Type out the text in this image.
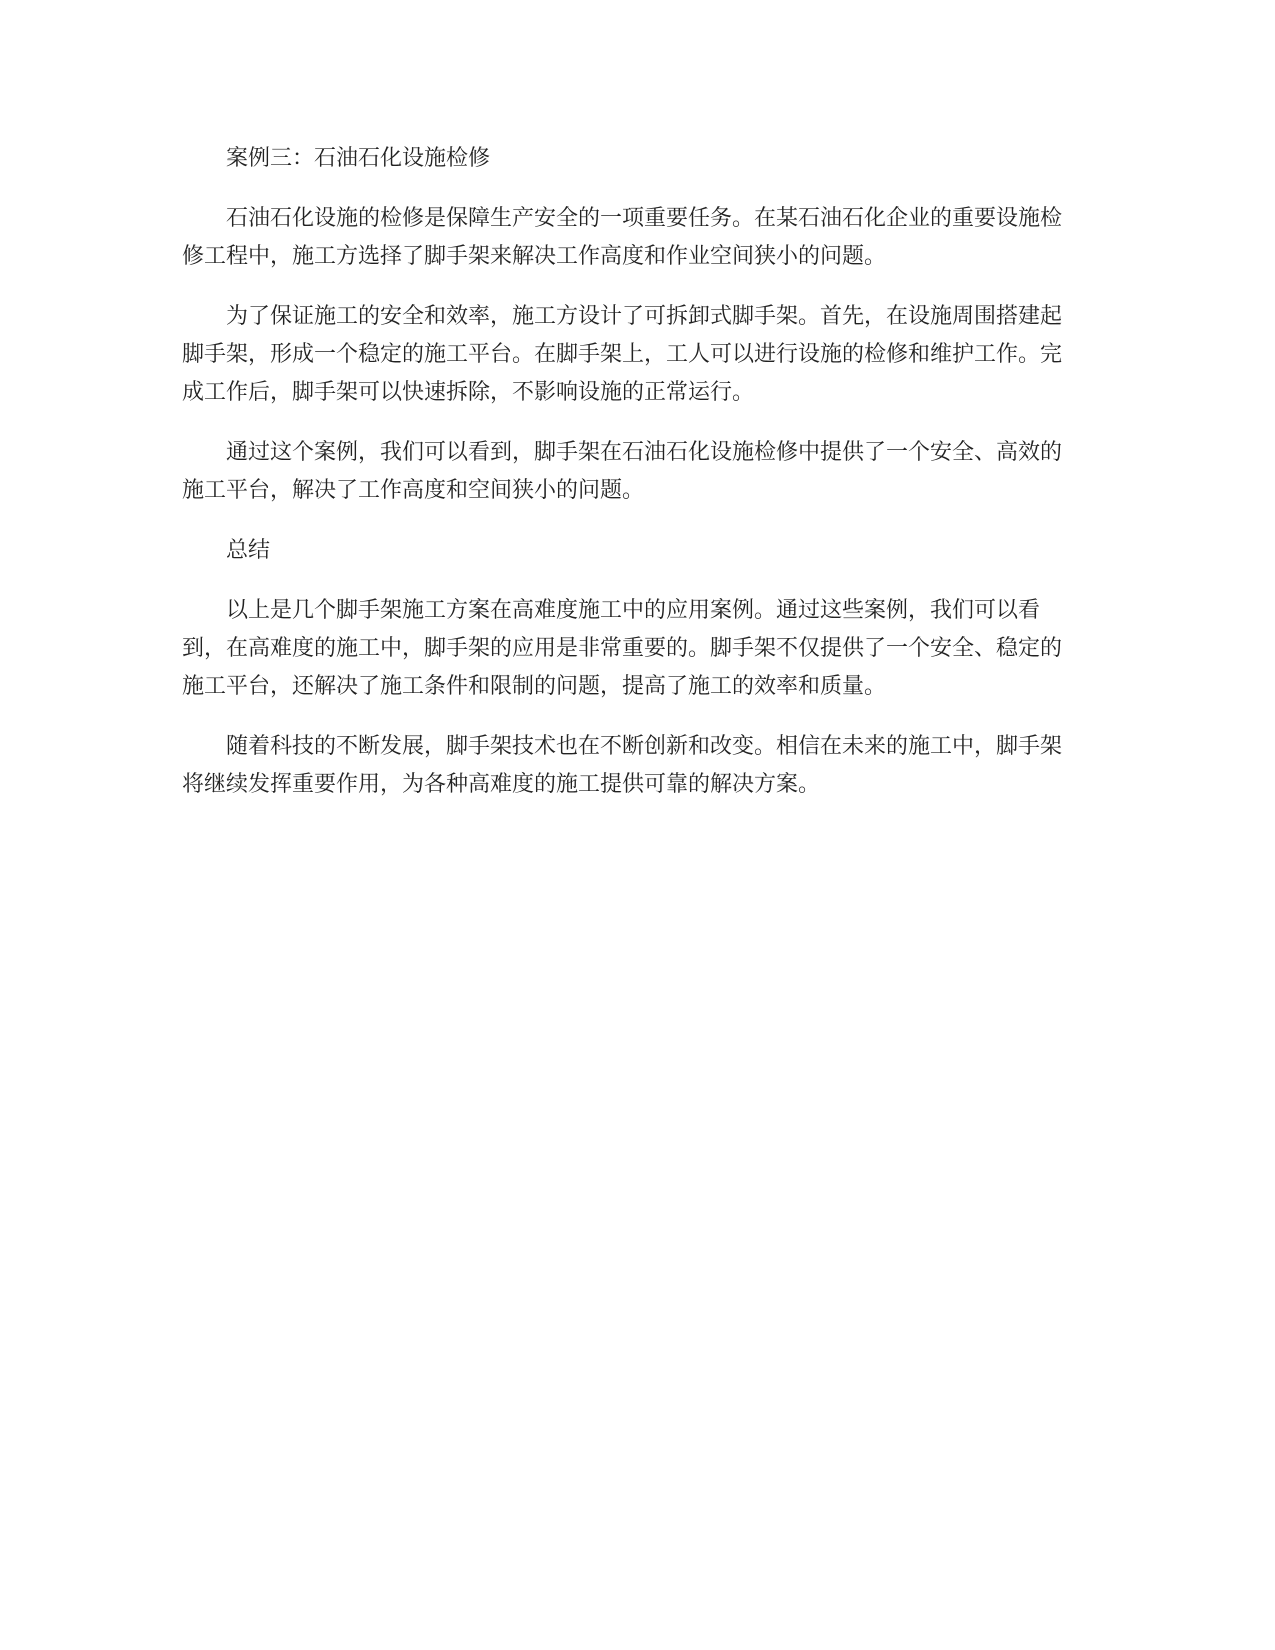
案例三：石油石化设施检修

石油石化设施的检修是保障生产安全的一项重要任务。在某石油石化企业的重要设施检修工程中，施工方选择了脚手架来解决工作高度和作业空间狭小的问题。

为了保证施工的安全和效率，施工方设计了可拆卸式脚手架。首先，在设施周围搭建起脚手架，形成一个稳定的施工平台。在脚手架上，工人可以进行设施的检修和维护工作。完成工作后，脚手架可以快速拆除，不影响设施的正常运行。

通过这个案例，我们可以看到，脚手架在石油石化设施检修中提供了一个安全、高效的施工平台，解决了工作高度和空间狭小的问题。

总结

以上是几个脚手架施工方案在高难度施工中的应用案例。通过这些案例，我们可以看到，在高难度的施工中，脚手架的应用是非常重要的。脚手架不仅提供了一个安全、稳定的施工平台，还解决了施工条件和限制的问题，提高了施工的效率和质量。

随着科技的不断发展，脚手架技术也在不断创新和改变。相信在未来的施工中，脚手架将继续发挥重要作用，为各种高难度的施工提供可靠的解决方案。
